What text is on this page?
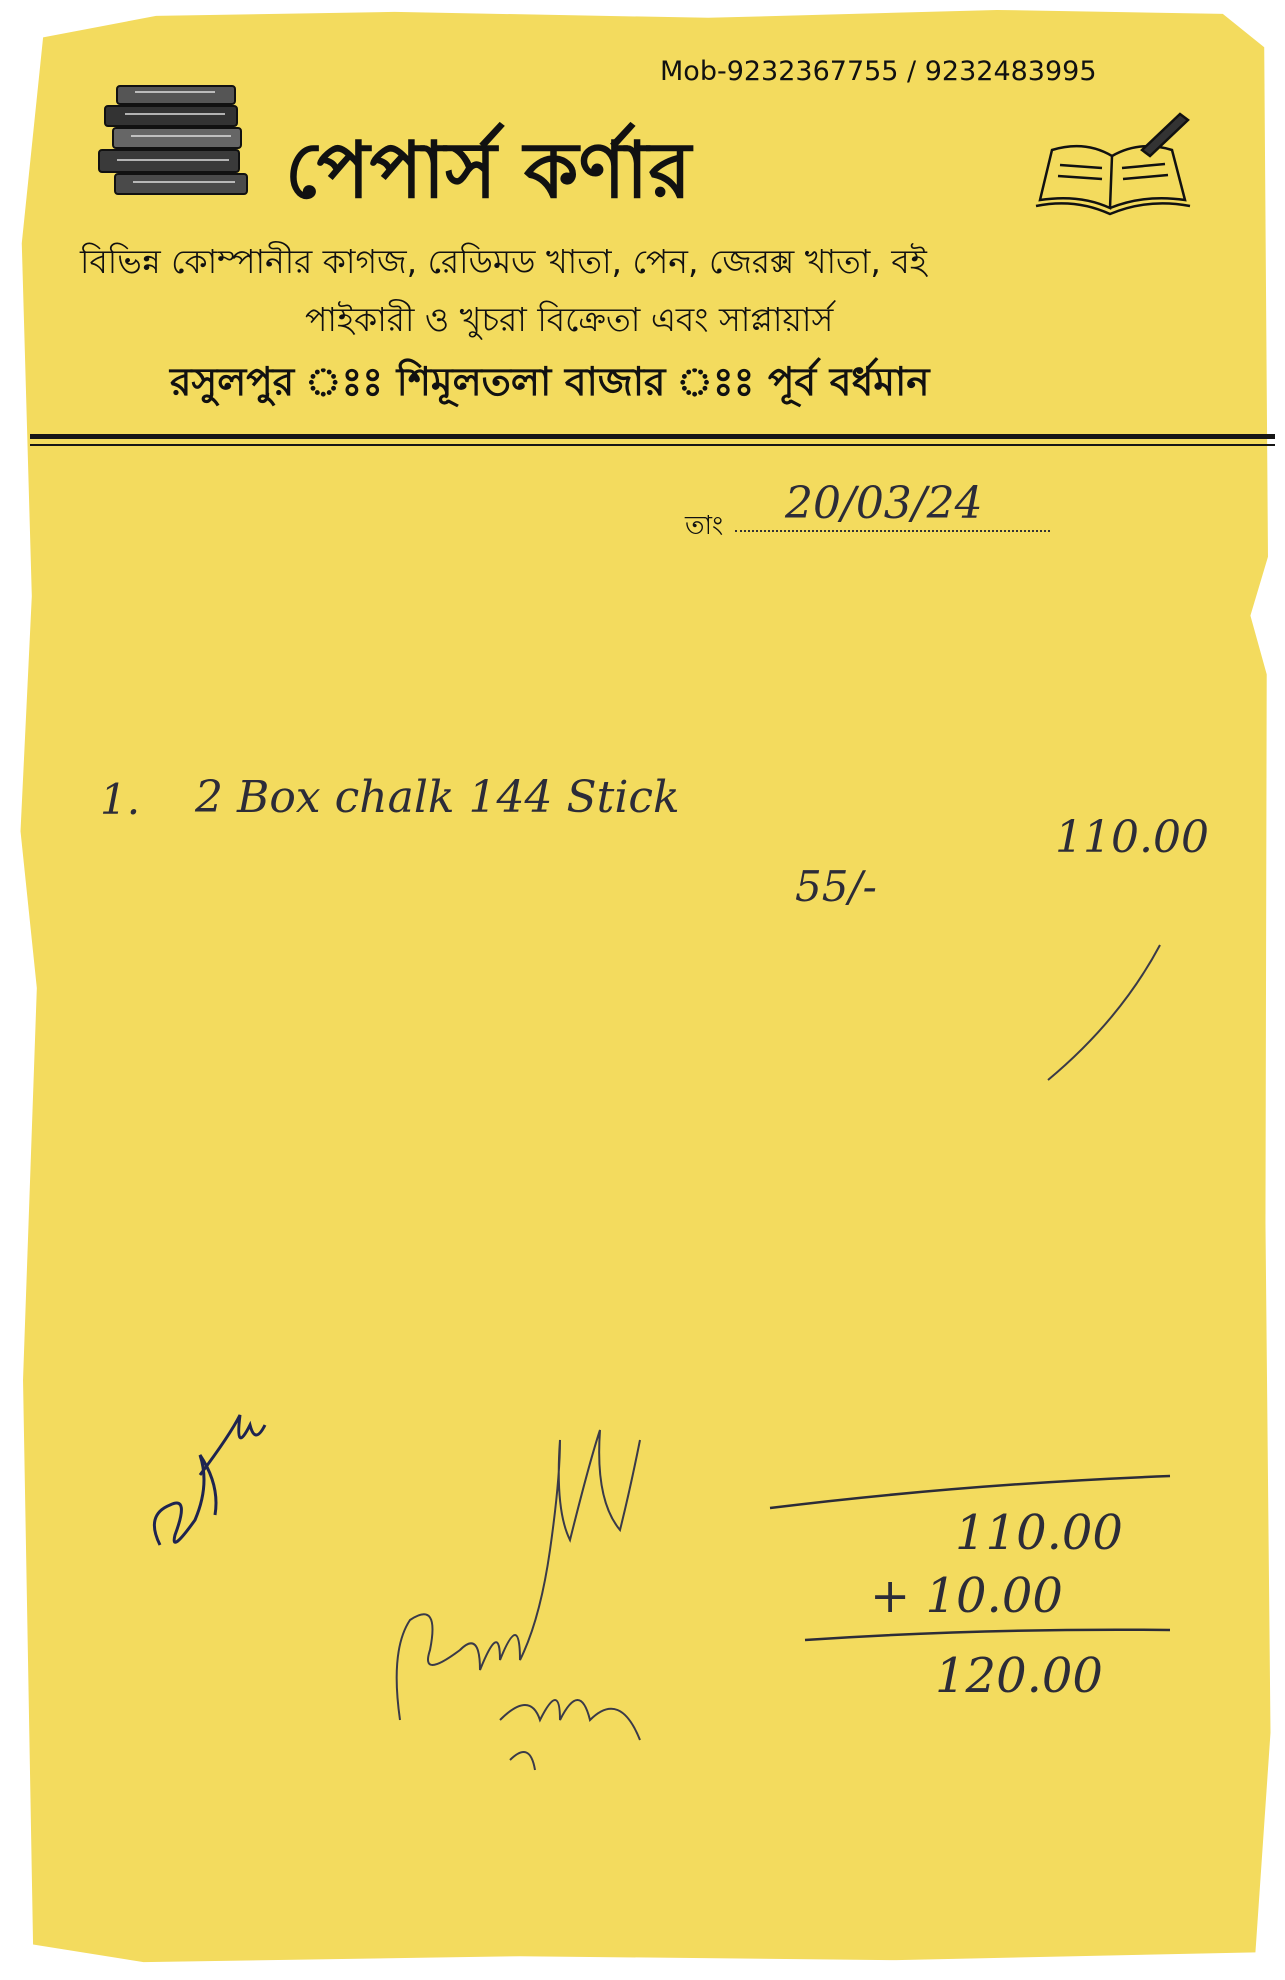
Mob-9232367755 / 9232483995
পেপার্স কর্ণার
বিভিন্ন কোম্পানীর কাগজ, রেডিমড খাতা, পেন, জেরক্স খাতা, বই
পাইকারী ও খুচরা বিক্রেতা এবং সাপ্লায়ার্স
রসুলপুর ঃঃ শিমূলতলা বাজার ঃঃ পূর্ব বর্ধমান
তাং 20/03/24
1. 2 Box chalk 144 Stick
55/-
110.00
110.00
+ 10.00
120.00
